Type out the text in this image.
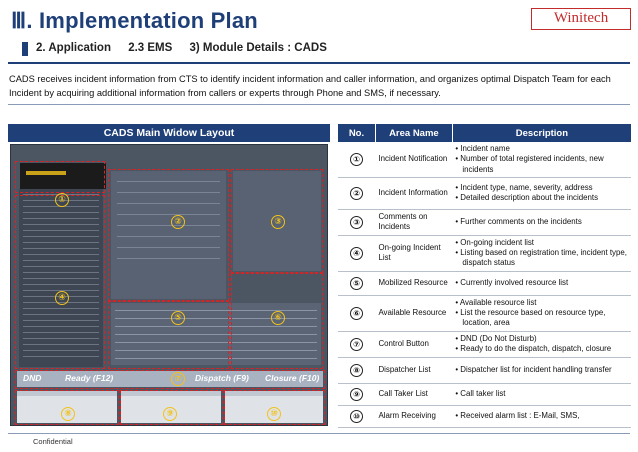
Ⅲ. Implementation Plan	Winitech
2. Application 2.3 EMS 3) Module Details : CADS
CADS receives incident information from CTS to identify incident information and caller information, and organizes optimal Dispatch Team for each Incident by acquiring additional information from callers or experts through Phone and SMS, if necessary.
CADS Main Widow Layout
DND	Ready (F12)	Dispatch (F9) Closure (F10)
①
②	③
④
⑤	⑥
⑦
⑧	⑨	⑩
No.	Area Name	Description
①	Incident Notification	• Incident name
• Number of total registered incidents, new incidents

②	Incident Information	• Incident type, name, severity, address
• Detailed description about the incidents

③	Comments on Incidents	• Further comments on the incidents

④	On-going Incident List	• On-going incident list
• Listing based on registration time, incident type, dispatch status

⑤	Mobilized Resource	• Currently involved resource list

⑥	Available Resource	• Available resource list
• List the resource based on resource type, location, area

⑦	Control Button	• DND (Do Not Disturb)
• Ready to do the dispatch, dispatch, closure

⑧	Dispatcher List	• Dispatcher list for incident handling transfer

⑨	Call Taker List	• Call taker list

⑩	Alarm Receiving	• Received alarm list : E-Mail, SMS,
Confidential
